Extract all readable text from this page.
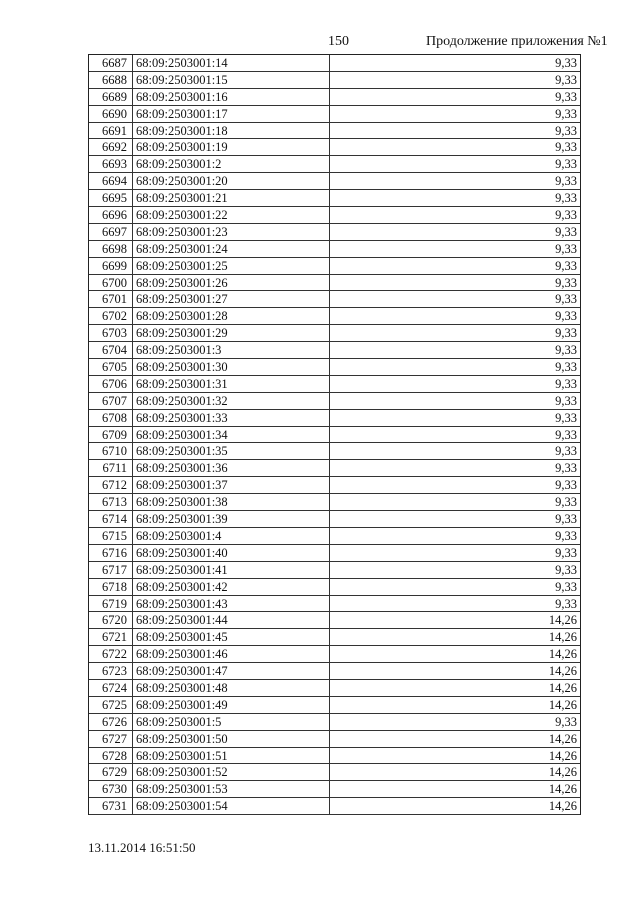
150	Продолжение приложения №1
6687 68:09:2503001:14	9,33
6688 68:09:2503001:15	9,33
6689 68:09:2503001:16	9,33
6690 68:09:2503001:17	9,33
6691 68:09:2503001:18	9,33
6692 68:09:2503001:19	9,33
6693 68:09:2503001:2	9,33
6694 68:09:2503001:20	9,33
6695 68:09:2503001:21	9,33
6696 68:09:2503001:22	9,33
6697 68:09:2503001:23	9,33
6698 68:09:2503001:24	9,33
6699 68:09:2503001:25	9,33
6700 68:09:2503001:26	9,33
6701 68:09:2503001:27	9,33
6702 68:09:2503001:28	9,33
6703 68:09:2503001:29	9,33
6704 68:09:2503001:3	9,33
6705 68:09:2503001:30	9,33
6706 68:09:2503001:31	9,33
6707 68:09:2503001:32	9,33
6708 68:09:2503001:33	9,33
6709 68:09:2503001:34	9,33
6710 68:09:2503001:35	9,33
6711 68:09:2503001:36	9,33
6712 68:09:2503001:37	9,33
6713 68:09:2503001:38	9,33
6714 68:09:2503001:39	9,33
6715 68:09:2503001:4	9,33
6716 68:09:2503001:40	9,33
6717 68:09:2503001:41	9,33
6718 68:09:2503001:42	9,33
6719 68:09:2503001:43	9,33
6720 68:09:2503001:44	14,26
6721 68:09:2503001:45	14,26
6722 68:09:2503001:46	14,26
6723 68:09:2503001:47	14,26
6724 68:09:2503001:48	14,26
6725 68:09:2503001:49	14,26
6726 68:09:2503001:5	9,33
6727 68:09:2503001:50	14,26
6728 68:09:2503001:51	14,26
6729 68:09:2503001:52	14,26
6730 68:09:2503001:53	14,26
6731 68:09:2503001:54	14,26
13.11.2014 16:51:50
